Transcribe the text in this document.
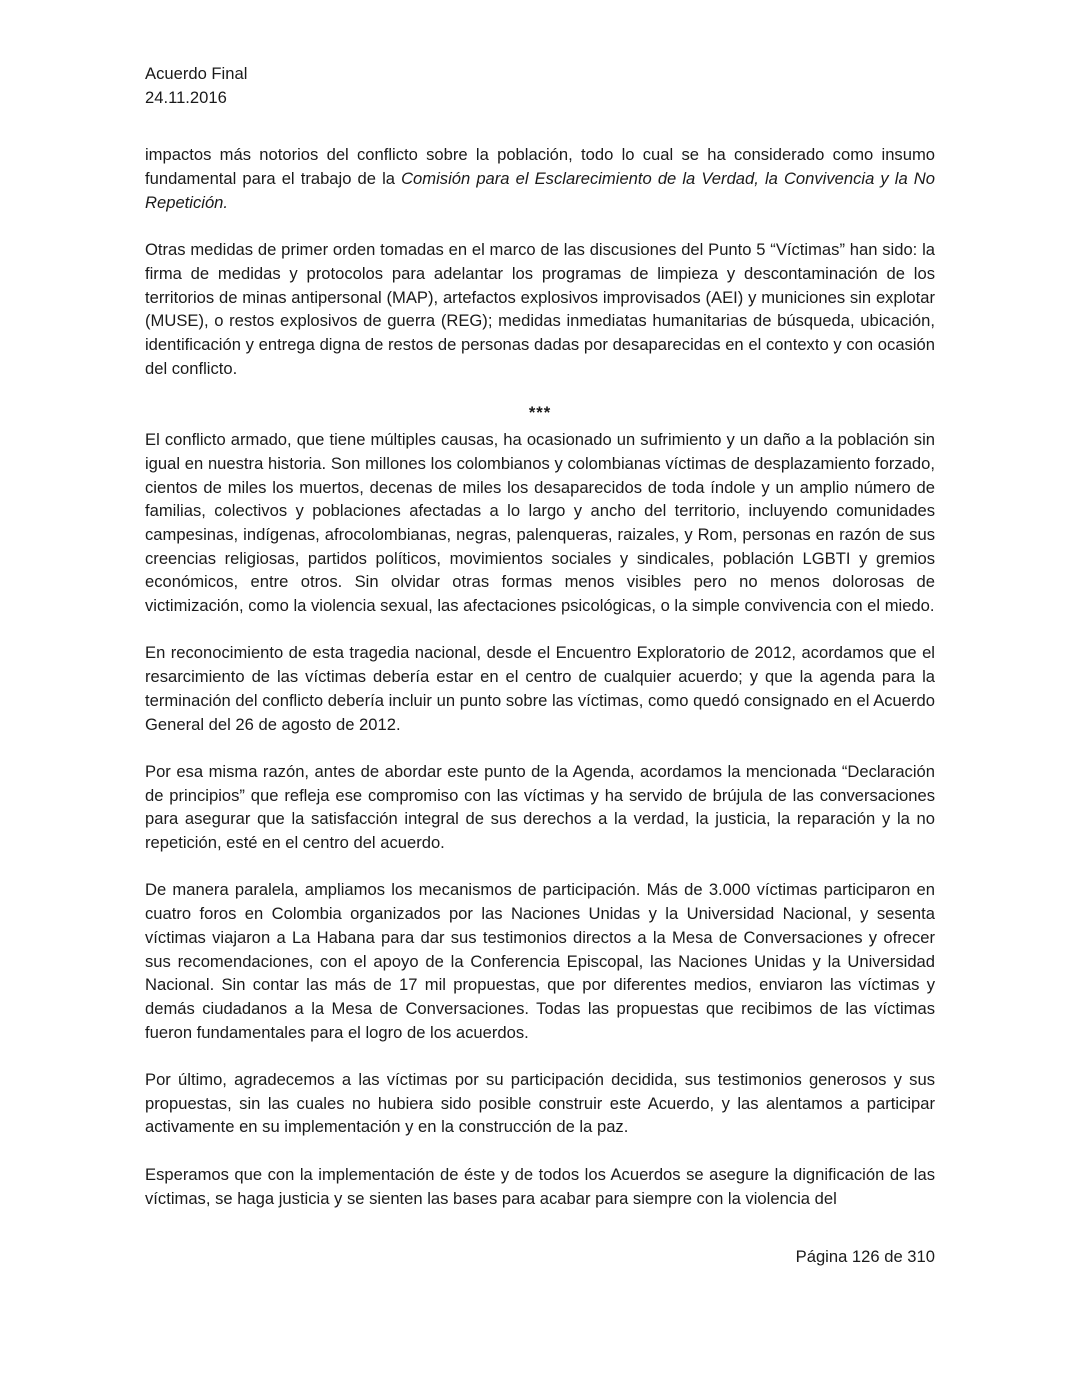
Acuerdo Final
24.11.2016

impactos más notorios del conflicto sobre la población, todo lo cual se ha considerado como insumo fundamental para el trabajo de la Comisión para el Esclarecimiento de la Verdad, la Convivencia y la No Repetición.

Otras medidas de primer orden tomadas en el marco de las discusiones del Punto 5 “Víctimas” han sido: la firma de medidas y protocolos para adelantar los programas de limpieza y descontaminación de los territorios de minas antipersonal (MAP), artefactos explosivos improvisados (AEI) y municiones sin explotar (MUSE), o restos explosivos de guerra (REG); medidas inmediatas humanitarias de búsqueda, ubicación, identificación y entrega digna de restos de personas dadas por desaparecidas en el contexto y con ocasión del conflicto.

***

El conflicto armado, que tiene múltiples causas, ha ocasionado un sufrimiento y un daño a la población sin igual en nuestra historia. Son millones los colombianos y colombianas víctimas de desplazamiento forzado, cientos de miles los muertos, decenas de miles los desaparecidos de toda índole y un amplio número de familias, colectivos y poblaciones afectadas a lo largo y ancho del territorio, incluyendo comunidades campesinas, indígenas, afrocolombianas, negras, palenqueras, raizales, y Rom, personas en razón de sus creencias religiosas, partidos políticos, movimientos sociales y sindicales, población LGBTI y gremios económicos, entre otros. Sin olvidar otras formas menos visibles pero no menos dolorosas de victimización, como la violencia sexual, las afectaciones psicológicas, o la simple convivencia con el miedo.

En reconocimiento de esta tragedia nacional, desde el Encuentro Exploratorio de 2012, acordamos que el resarcimiento de las víctimas debería estar en el centro de cualquier acuerdo; y que la agenda para la terminación del conflicto debería incluir un punto sobre las víctimas, como quedó consignado en el Acuerdo General del 26 de agosto de 2012.

Por esa misma razón, antes de abordar este punto de la Agenda, acordamos la mencionada “Declaración de principios” que refleja ese compromiso con las víctimas y ha servido de brújula de las conversaciones para asegurar que la satisfacción integral de sus derechos a la verdad, la justicia, la reparación y la no repetición, esté en el centro del acuerdo.

De manera paralela, ampliamos los mecanismos de participación. Más de 3.000 víctimas participaron en cuatro foros en Colombia organizados por las Naciones Unidas y la Universidad Nacional, y sesenta víctimas viajaron a La Habana para dar sus testimonios directos a la Mesa de Conversaciones y ofrecer sus recomendaciones, con el apoyo de la Conferencia Episcopal, las Naciones Unidas y la Universidad Nacional. Sin contar las más de 17 mil propuestas, que por diferentes medios, enviaron las víctimas y demás ciudadanos a la Mesa de Conversaciones. Todas las propuestas que recibimos de las víctimas fueron fundamentales para el logro de los acuerdos.

Por último, agradecemos a las víctimas por su participación decidida, sus testimonios generosos y sus propuestas, sin las cuales no hubiera sido posible construir este Acuerdo, y las alentamos a participar activamente en su implementación y en la construcción de la paz.

Esperamos que con la implementación de éste y de todos los Acuerdos se asegure la dignificación de las víctimas, se haga justicia y se sienten las bases para acabar para siempre con la violencia del

Página 126 de 310
